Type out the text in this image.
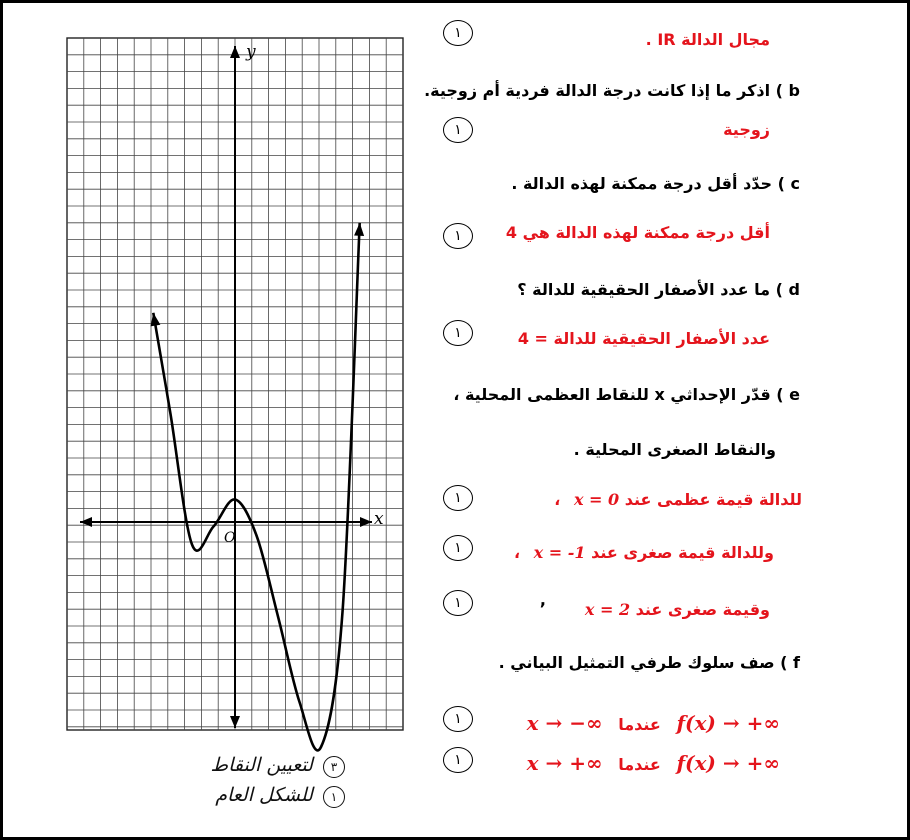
y
x
O
٣ لتعيين النقاط
١ للشكل العام
١
١
١
١
١
١
١
١
١
مجال الدالة IR .
b ) اذكر ما إذا كانت درجة الدالة فردية أم زوجية.
زوجية
c ) حدّد أقل درجة ممكنة لهذه الدالة .
أقل درجة ممكنة لهذه الدالة هي 4
d ) ما عدد الأصفار الحقيقية للدالة ؟
عدد الأصفار الحقيقية للدالة = 4
e ) قدّر الإحداثي x للنقاط العظمى المحلية ،
والنقاط الصغرى المحلية .
للدالة قيمة عظمى عند x = 0 ،
وللدالة قيمة صغرى عند x = -1 ،
,
وقيمة صغرى عند x = 2
f ) صف سلوك طرفي التمثيل البياني .
f(x) → +∞ عندما x → −∞
f(x) → +∞ عندما x → +∞
